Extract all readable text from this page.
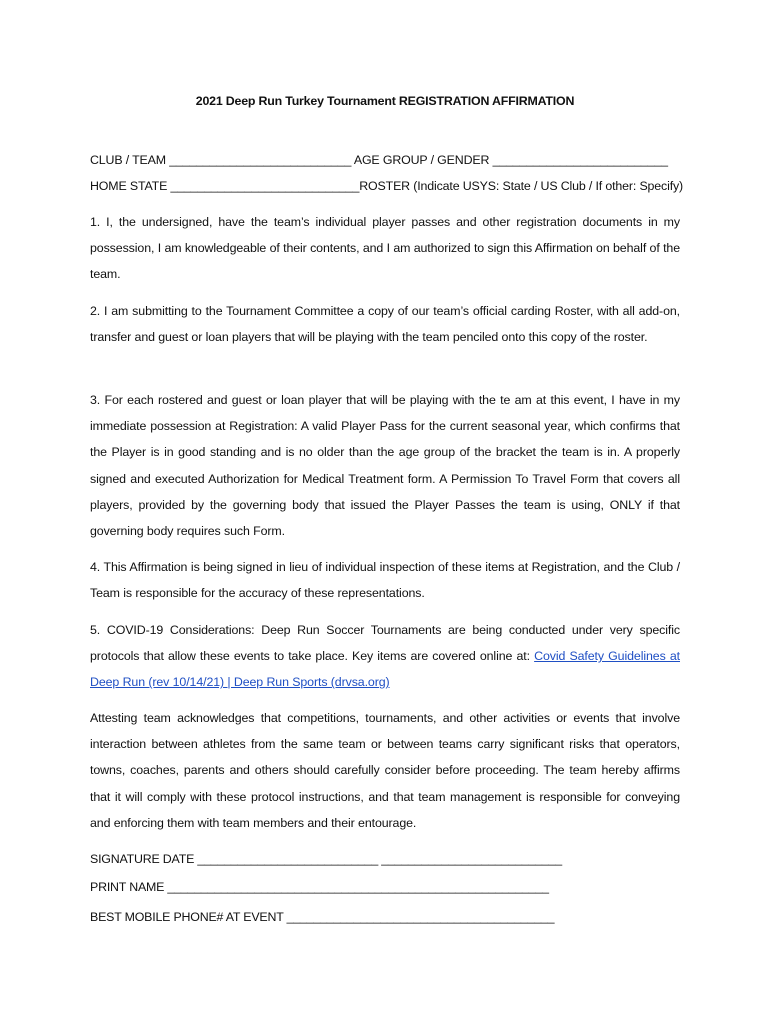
2021 Deep Run Turkey Tournament REGISTRATION AFFIRMATION
CLUB / TEAM ___________________________ AGE GROUP / GENDER __________________________
HOME STATE ____________________________ROSTER (Indicate USYS: State / US Club / If other: Specify)

1. I, the undersigned, have the team’s individual player passes and other registration documents in my possession, I am knowledgeable of their contents, and I am authorized to sign this Affirmation on behalf of the team.

2. I am submitting to the Tournament Committee a copy of our team’s official carding Roster, with all add-on, transfer and guest or loan players that will be playing with the team penciled onto this copy of the roster.

3. For each rostered and guest or loan player that will be playing with the te am at this event, I have in my immediate possession at Registration: A valid Player Pass for the current seasonal year, which confirms that the Player is in good standing and is no older than the age group of the bracket the team is in. A properly signed and executed Authorization for Medical Treatment form. A Permission To Travel Form that covers all players, provided by the governing body that issued the Player Passes the team is using, ONLY if that governing body requires such Form.

4. This Affirmation is being signed in lieu of individual inspection of these items at Registration, and the Club / Team is responsible for the accuracy of these representations.

5. COVID-19 Considerations: Deep Run Soccer Tournaments are being conducted under very specific protocols that allow these events to take place. Key items are covered online at: Covid Safety Guidelines at Deep Run (rev 10/14/21) | Deep Run Sports (drvsa.org)

Attesting team acknowledges that competitions, tournaments, and other activities or events that involve interaction between athletes from the same team or between teams carry significant risks that operators, towns, coaches, parents and others should carefully consider before proceeding. The team hereby affirms that it will comply with these protocol instructions, and that team management is responsible for conveying and enforcing them with team members and their entourage.

SIGNATURE DATE ___________________________ ___________________________
PRINT NAME _________________________________________________________
BEST MOBILE PHONE# AT EVENT ________________________________________
